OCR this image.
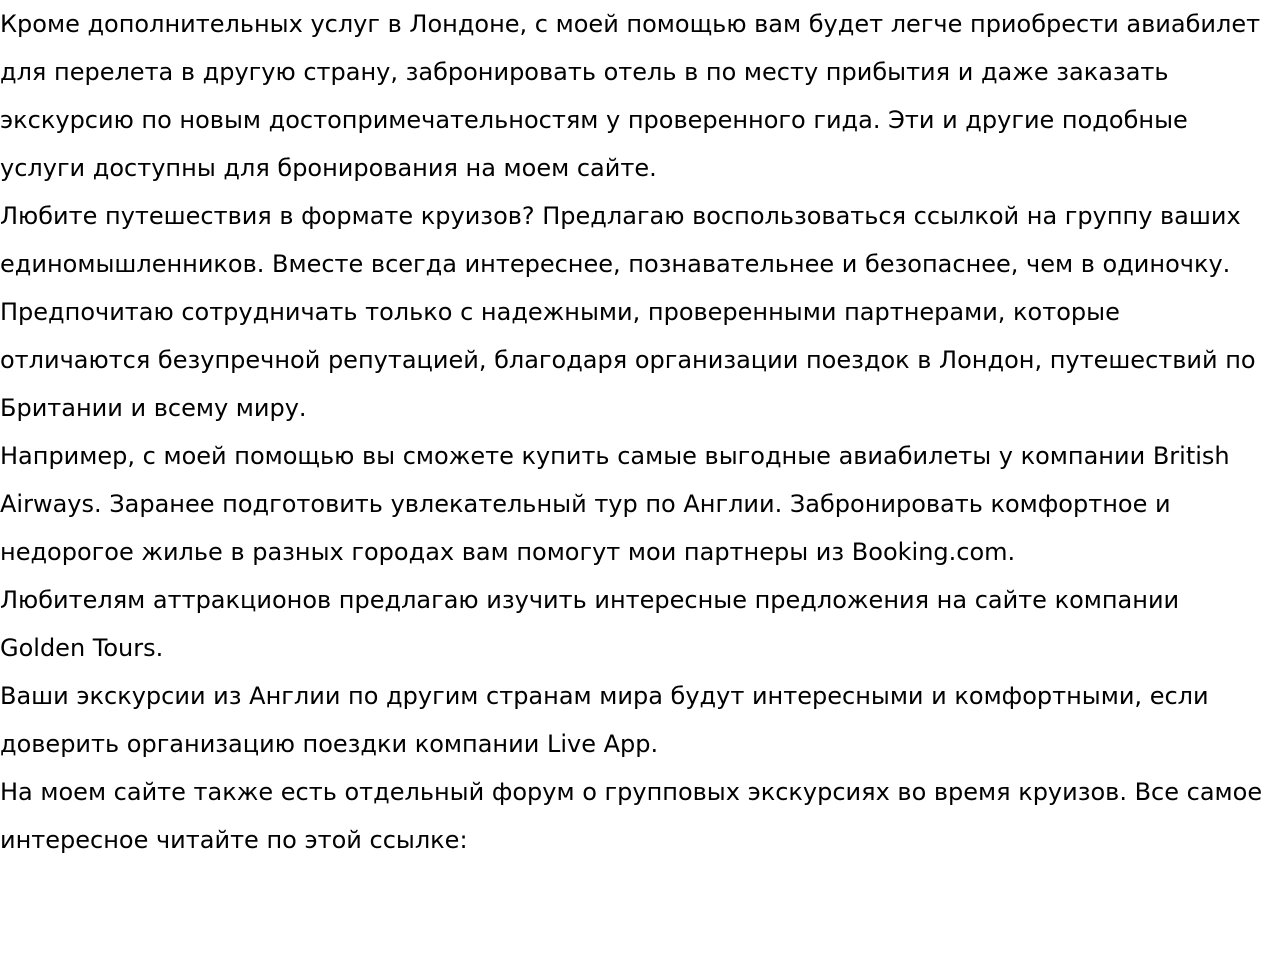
Кроме дополнительных услуг в Лондоне, с моей помощью вам будет легче приобрести авиабилет для перелета в другую страну, забронировать отель в по месту прибытия и даже заказать экскурсию по новым достопримечательностям у проверенного гида. Эти и другие подобные услуги доступны для бронирования на моем сайте.

Любите путешествия в формате круизов? Предлагаю воспользоваться ссылкой на группу ваших единомышленников. Вместе всегда интереснее, познавательнее и безопаснее, чем в одиночку.

Предпочитаю сотрудничать только с надежными, проверенными партнерами, которые отличаются безупречной репутацией, благодаря организации поездок в Лондон, путешествий по Британии и всему миру.

Например, с моей помощью вы сможете купить самые выгодные авиабилеты у компании British Airways. Заранее подготовить увлекательный тур по Англии. Забронировать комфортное и недорогое жилье в разных городах вам помогут мои партнеры из Booking.com.

Любителям аттракционов предлагаю изучить интересные предложения на сайте компании Golden Tours.

Ваши экскурсии из Англии по другим странам мира будут интересными и комфортными, если доверить организацию поездки компании Live App.

На моем сайте также есть отдельный форум о групповых экскурсиях во время круизов. Все самое интересное читайте по этой ссылке:
